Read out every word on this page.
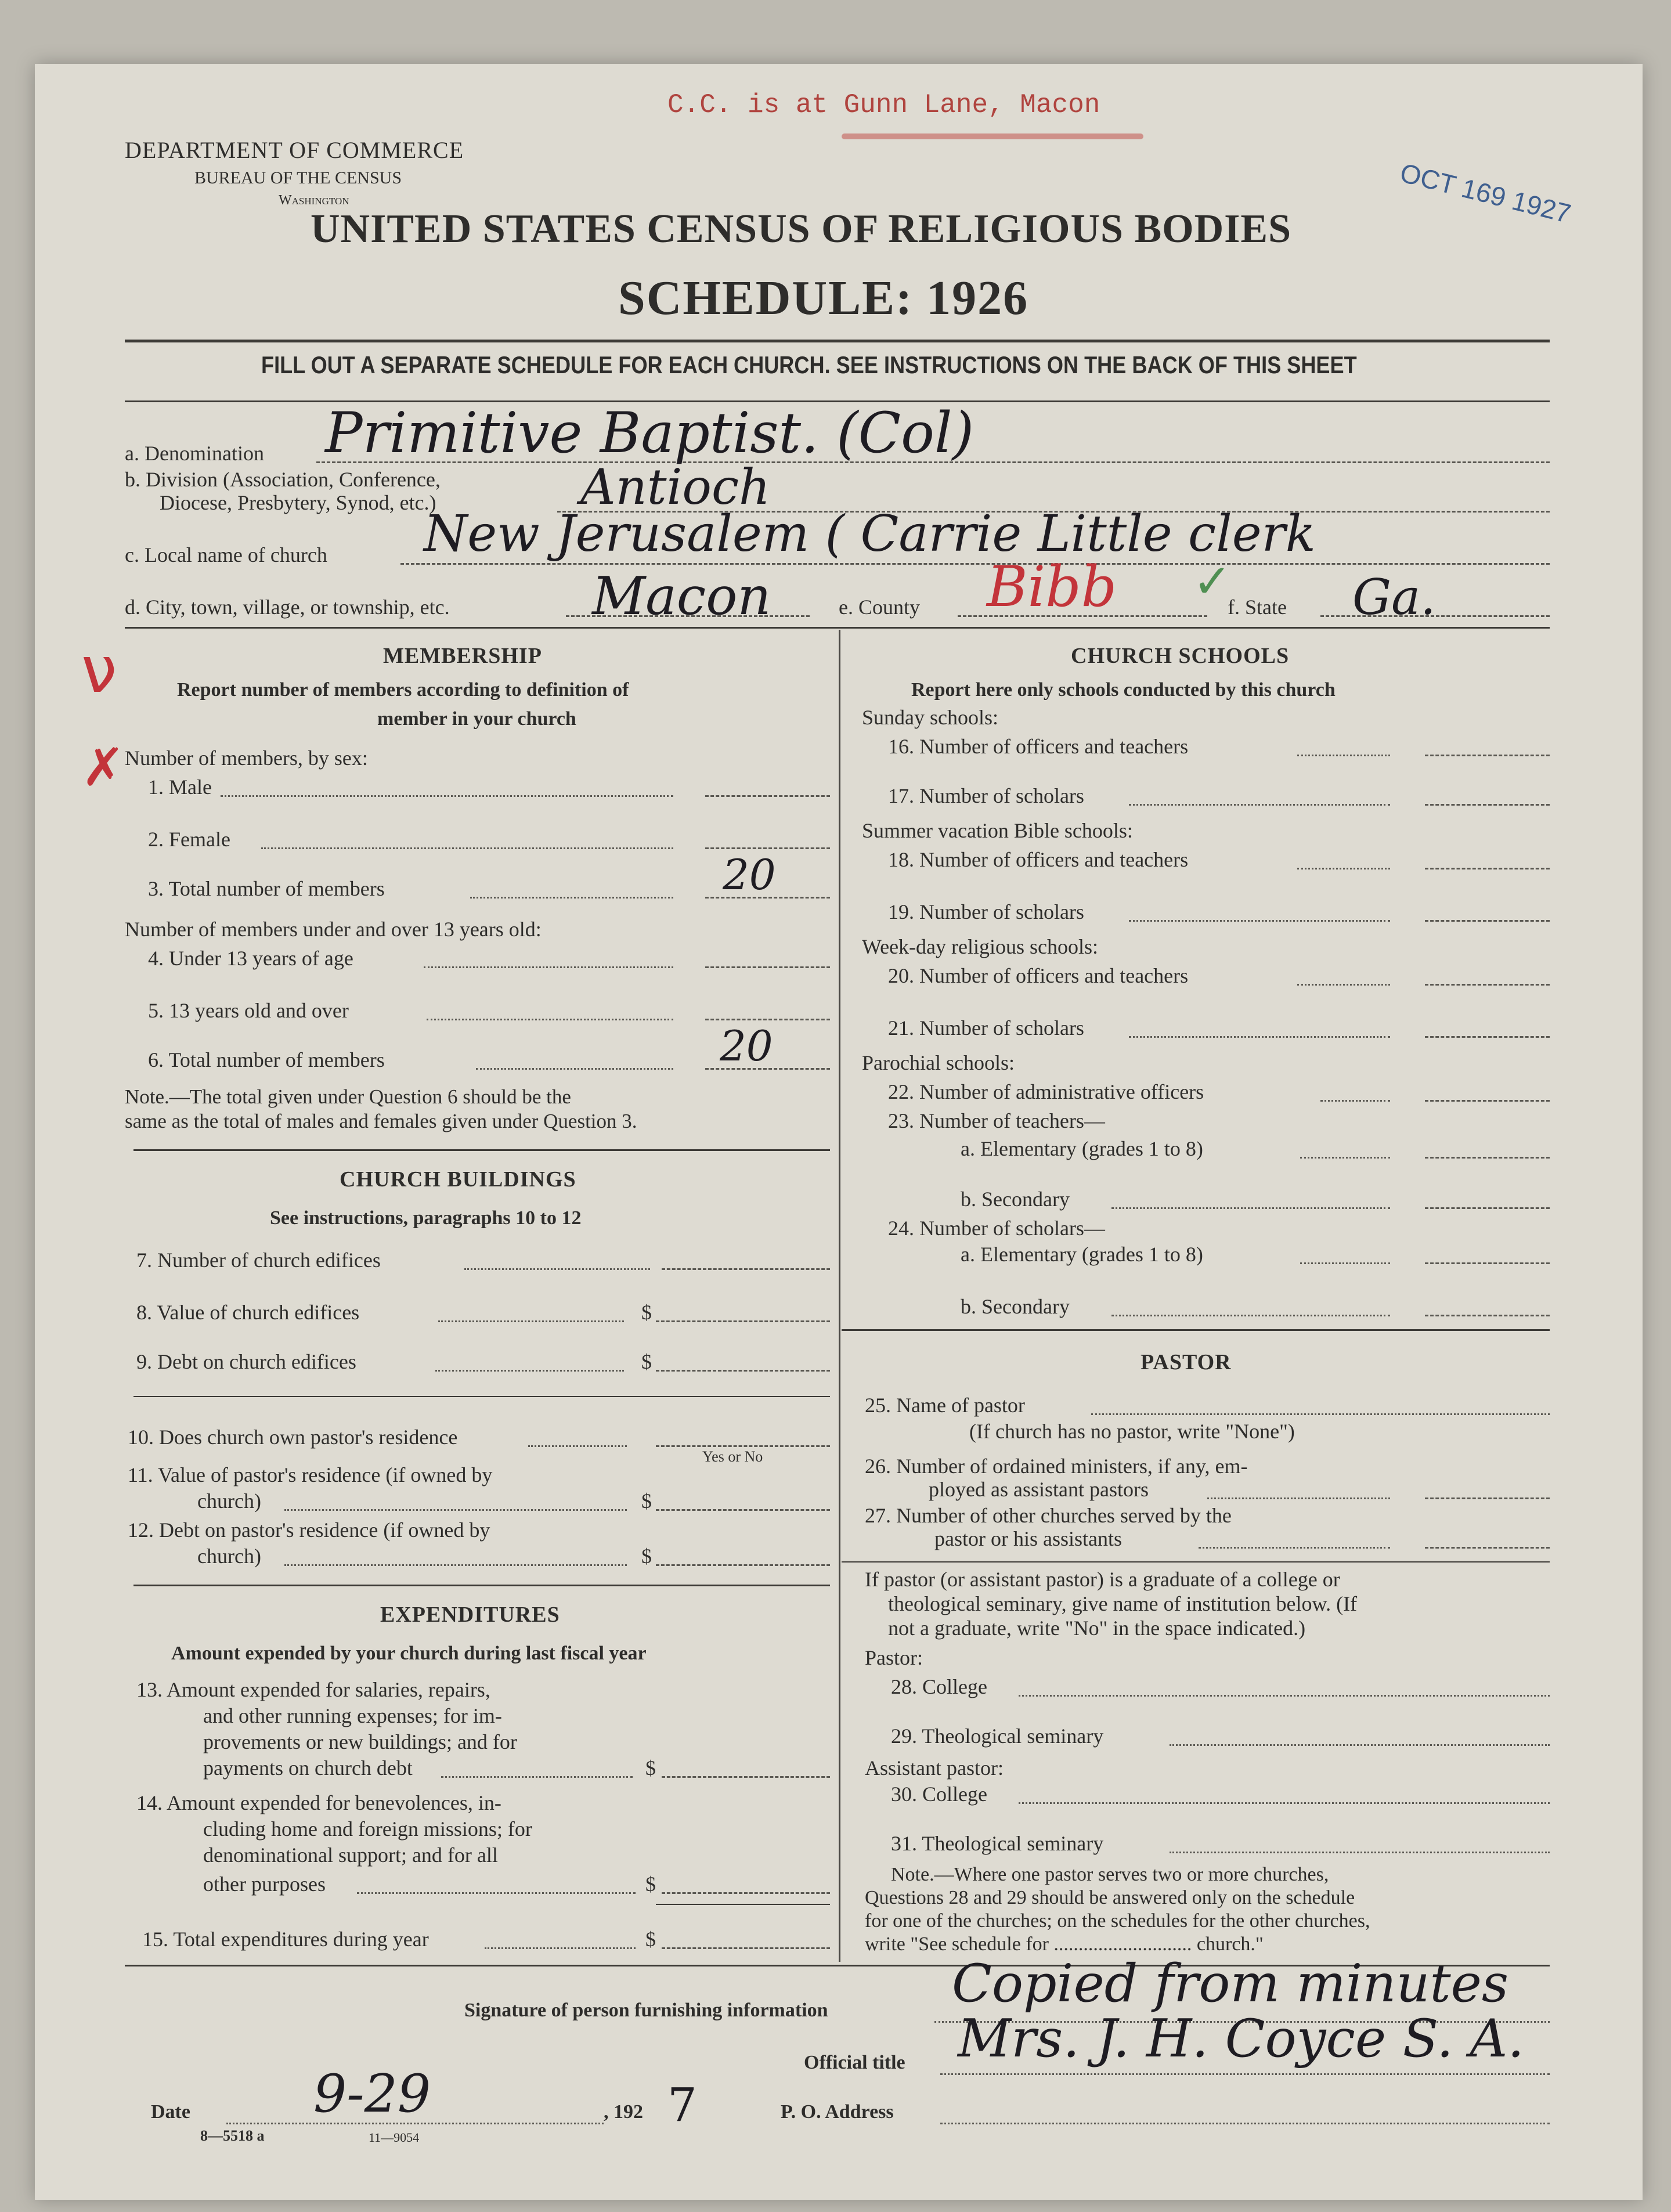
C.C. is at Gunn Lane, Macon
OCT 169 1927
DEPARTMENT OF COMMERCE
BUREAU OF THE CENSUS
Washington
UNITED STATES CENSUS OF RELIGIOUS BODIES
SCHEDULE: 1926
FILL OUT A SEPARATE SCHEDULE FOR EACH CHURCH. SEE INSTRUCTIONS ON THE BACK OF THIS SHEET
a. Denomination Primitive Baptist. (Col)
b. Division (Association, Conference,
Diocese, Presbytery, Synod, etc.)	Antioch
c. Local name of church New Jerusalem ( Carrie Little clerk
d. City, town, village, or township, etc.	Macon	e. County Bibb ✓
f. State Ga.
ν
✗
MEMBERSHIP
Report number of members according to definition of
member in your church
Number of members, by sex:
1. Male
2. Female
3. Total number of members	20
Number of members under and over 13 years old:
4. Under 13 years of age
5. 13 years old and over
6. Total number of members	20
Note.—The total given under Question 6 should be the
same as the total of males and females given under Question 3.
CHURCH BUILDINGS
See instructions, paragraphs 10 to 12
7. Number of church edifices
8. Value of church edifices	$
9. Debt on church edifices	$
10. Does church own pastor's residence
Yes or No
11. Value of pastor's residence (if owned by
church)	$
12. Debt on pastor's residence (if owned by
church)	$
EXPENDITURES
Amount expended by your church during last fiscal year
13. Amount expended for salaries, repairs,
and other running expenses; for im-
provements or new buildings; and for
payments on church debt	$
14. Amount expended for benevolences, in-
cluding home and foreign missions; for
denominational support; and for all
other purposes	$
15. Total expenditures during year	$
CHURCH SCHOOLS
Report here only schools conducted by this church
Sunday schools:
16. Number of officers and teachers
17. Number of scholars
Summer vacation Bible schools:
18. Number of officers and teachers
19. Number of scholars
Week-day religious schools:
20. Number of officers and teachers
21. Number of scholars
Parochial schools:
22. Number of administrative officers
23. Number of teachers—
a. Elementary (grades 1 to 8)
b. Secondary
24. Number of scholars—
a. Elementary (grades 1 to 8)
b. Secondary
PASTOR
25. Name of pastor
(If church has no pastor, write "None")
26. Number of ordained ministers, if any, em-
ployed as assistant pastors
27. Number of other churches served by the
pastor or his assistants
If pastor (or assistant pastor) is a graduate of a college or
theological seminary, give name of institution below. (If
not a graduate, write "No" in the space indicated.)
Pastor:
28. College
29. Theological seminary
Assistant pastor:
30. College
31. Theological seminary
Note.—Where one pastor serves two or more churches,
Questions 28 and 29 should be answered only on the schedule
for one of the churches; on the schedules for the other churches,
write "See schedule for ............................ church."
Signature of person furnishing information Copied from minutes
Official title Mrs. J. H. Coyce S. A.
Date 9-29	, 192 7	P. O. Address
8—5518 a	11—9054
